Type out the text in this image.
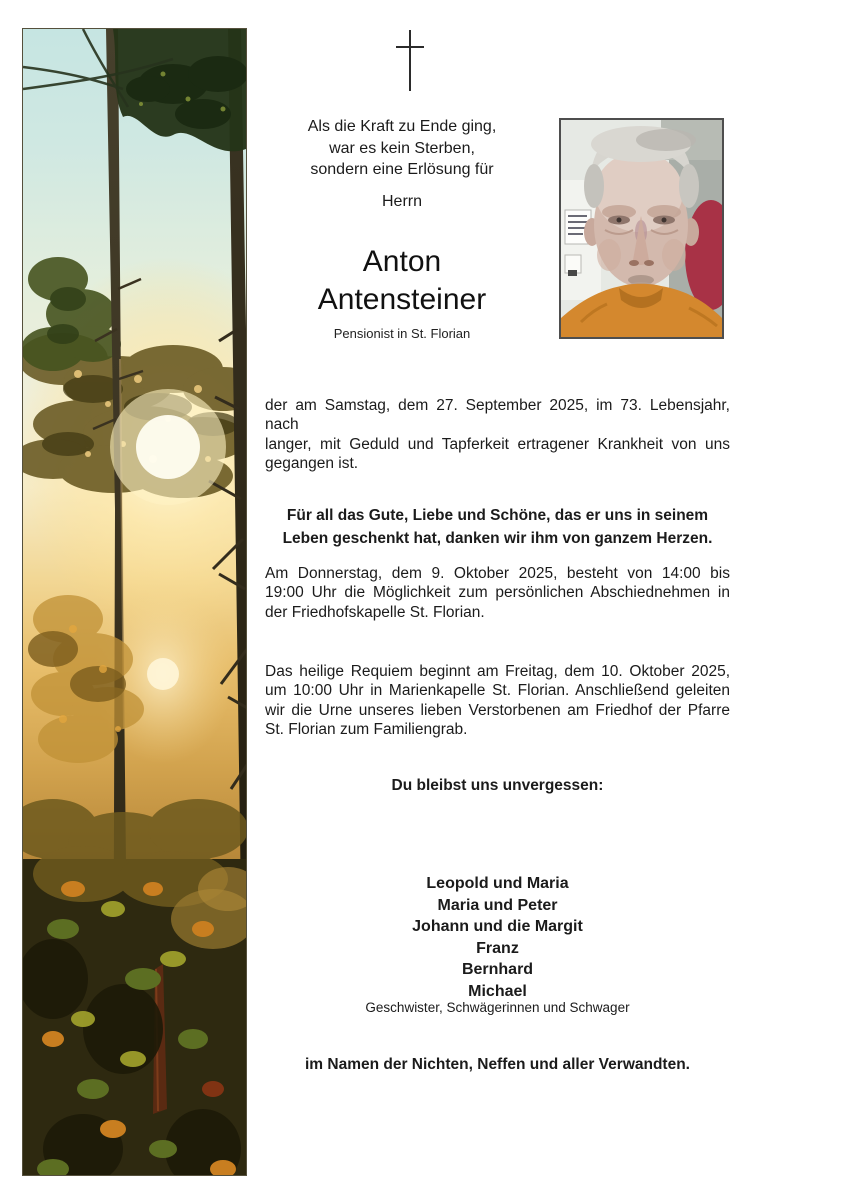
Als die Kraft zu Ende ging,
war es kein Sterben,
sondern eine Erlösung für
Herrn
Anton
Antensteiner
Pensionist in St. Florian
der am Samstag, dem 27. September 2025, im 73. Lebensjahr, nach
langer, mit Geduld und Tapferkeit ertragener Krankheit von uns
gegangen ist.
Für all das Gute, Liebe und Schöne, das er uns in seinem
Leben geschenkt hat, danken wir ihm von ganzem Herzen.
Am Donnerstag, dem 9. Oktober 2025, besteht von 14:00 bis
19:00 Uhr die Möglichkeit zum persönlichen Abschiednehmen in
der Friedhofskapelle St. Florian.
Das heilige Requiem beginnt am Freitag, dem 10. Oktober 2025,
um 10:00 Uhr in Marienkapelle St. Florian. Anschließend geleiten
wir die Urne unseres lieben Verstorbenen am Friedhof der Pfarre
St. Florian zum Familiengrab.
Du bleibst uns unvergessen:
Leopold und Maria
Maria und Peter
Johann und die Margit
Franz
Bernhard
Michael
Geschwister, Schwägerinnen und Schwager
im Namen der Nichten, Neffen und aller Verwandten.
